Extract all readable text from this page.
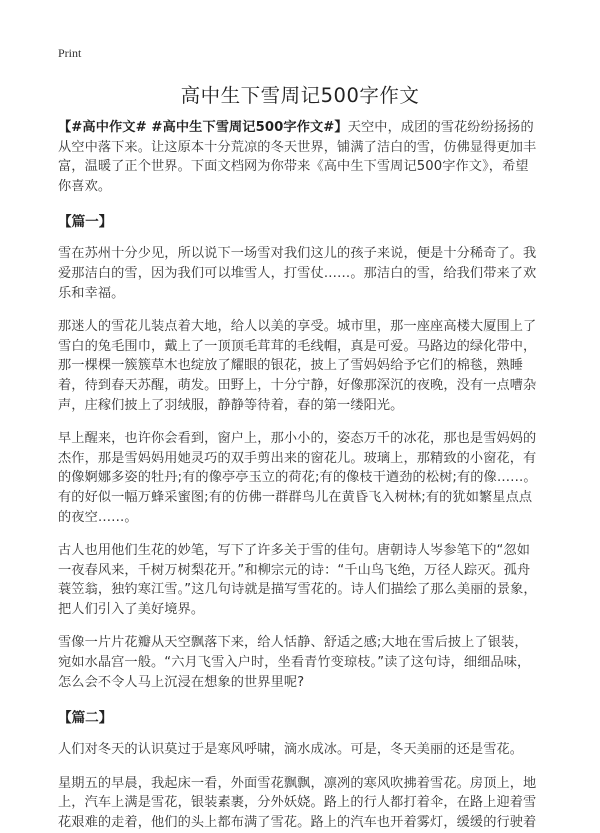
Print
高中生下雪周记500字作文

【#高中作文# #高中生下雪周记500字作文#】天空中，成团的雪花纷纷扬扬的从空中落下来。让这原本十分荒凉的冬天世界，铺满了洁白的雪，仿佛显得更加丰富，温暖了正个世界。下面文档网为你带来《高中生下雪周记500字作文》，希望你喜欢。

【篇一】

雪在苏州十分少见，所以说下一场雪对我们这儿的孩子来说，便是十分稀奇了。我爱那洁白的雪，因为我们可以堆雪人，打雪仗……。那洁白的雪，给我们带来了欢乐和幸福。

那迷人的雪花儿装点着大地，给人以美的享受。城市里，那一座座高楼大厦围上了雪白的兔毛围巾，戴上了一顶顶毛茸茸的毛线帽，真是可爱。马路边的绿化带中，那一棵棵一簇簇草木也绽放了耀眼的银花，披上了雪妈妈给予它们的棉毯，熟睡着，待到春天苏醒，萌发。田野上，十分宁静，好像那深沉的夜晚，没有一点嘈杂声，庄稼们披上了羽绒服，静静等待着，春的第一缕阳光。

早上醒来，也许你会看到，窗户上，那小小的，姿态万千的冰花，那也是雪妈妈的杰作，那是雪妈妈用她灵巧的双手剪出来的窗花儿。玻璃上，那精致的小窗花，有的像婀娜多姿的牡丹;有的像亭亭玉立的荷花;有的像枝干遒劲的松树;有的像……。有的好似一幅万蜂采蜜图;有的仿佛一群群鸟儿在黄昏飞入树林;有的犹如繁星点点的夜空……。

古人也用他们生花的妙笔，写下了许多关于雪的佳句。唐朝诗人岑参笔下的“忽如一夜春风来，千树万树梨花开。”和柳宗元的诗：“千山鸟飞绝，万径人踪灭。孤舟蓑笠翁，独钓寒江雪。”这几句诗就是描写雪花的。诗人们描绘了那么美丽的景象，把人们引入了美好境界。

雪像一片片花瓣从天空飘落下来，给人恬静、舒适之感;大地在雪后披上了银装，宛如水晶宫一般。“六月飞雪入户时，坐看青竹变琼枝。”读了这句诗，细细品味，怎么会不令人马上沉浸在想象的世界里呢?

【篇二】

人们对冬天的认识莫过于是寒风呼啸，滴水成冰。可是，冬天美丽的还是雪花。

星期五的早晨，我起床一看，外面雪花飘飘，凛冽的寒风吹拂着雪花。房顶上，地上，汽车上满是雪花，银装素裹，分外妖娆。路上的行人都打着伞，在路上迎着雪花艰难的走着，他们的头上都布满了雪花。路上的汽车也开着雾灯，缓缓的行驶着
